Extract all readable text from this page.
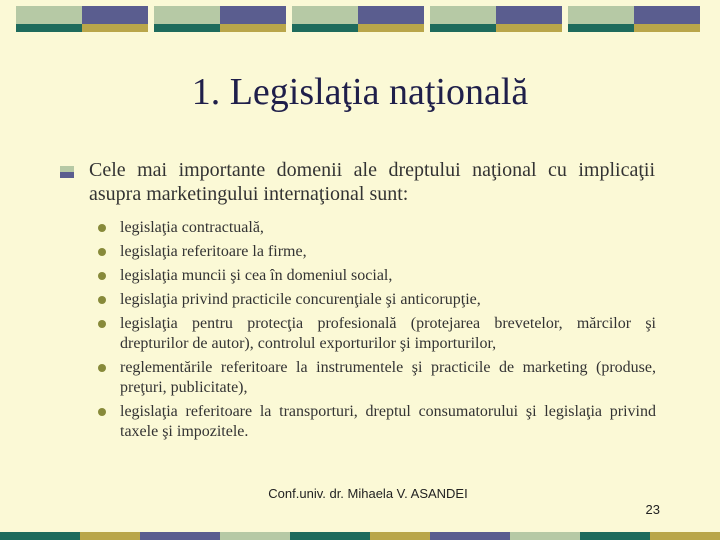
1. Legislaţia naţională
Cele mai importante domenii ale dreptului naţional cu implicaţii asupra marketingului internaţional sunt:
legislaţia contractuală,
legislaţia referitoare la firme,
legislaţia muncii şi cea în domeniul social,
legislaţia privind practicile concurenţiale şi anticorupţie,
legislaţia pentru protecţia profesională (protejarea brevetelor, mărcilor şi drepturilor de autor), controlul exporturilor şi importurilor,
reglementările referitoare la instrumentele şi practicile de marketing (produse, preţuri, publicitate),
legislaţia referitoare la transporturi, dreptul consumatorului şi legislaţia privind taxele şi impozitele.
Conf.univ. dr. Mihaela V. ASANDEI
23
